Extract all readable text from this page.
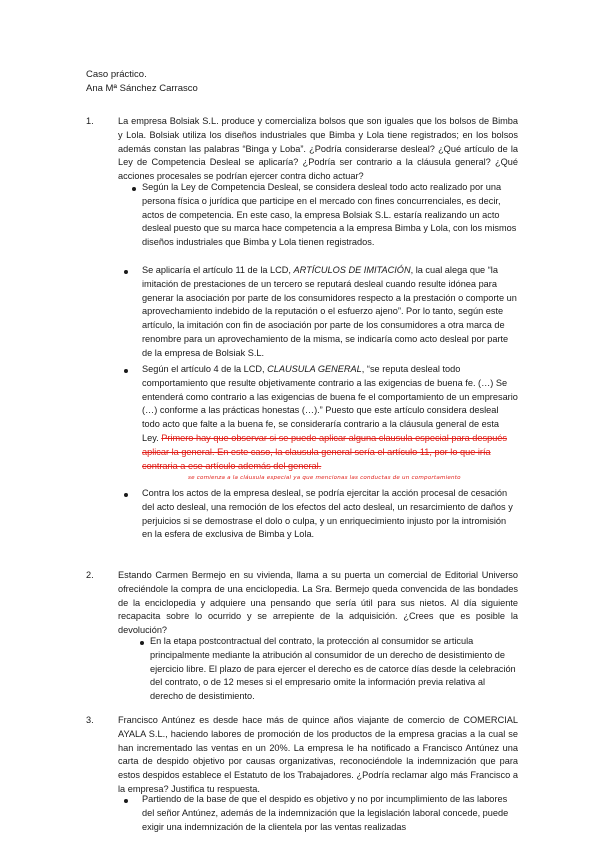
Caso práctico.
Ana Mª Sánchez Carrasco
1.	La empresa Bolsiak S.L. produce y comercializa bolsos que son iguales que los bolsos de Bimba y Lola. Bolsiak utiliza los diseños industriales que Bimba y Lola tiene registrados; en los bolsos además constan las palabras “Binga y Loba”. ¿Podría considerarse desleal? ¿Qué artículo de la Ley de Competencia Desleal se aplicaría? ¿Podría ser contrario a la cláusula general? ¿Qué acciones procesales se podrían ejercer contra dicho actuar?
Según la Ley de Competencia Desleal, se considera desleal todo acto realizado por una persona física o jurídica que participe en el mercado con fines concurrenciales, es decir, actos de competencia. En este caso, la empresa Bolsiak S.L. estaría realizando un acto desleal puesto que su marca hace competencia a la empresa Bimba y Lola, con los mismos diseños industriales que Bimba y Lola tienen registrados.
Se aplicaría el artículo 11 de la LCD, ARTÍCULOS DE IMITACIÓN, la cual alega que “la imitación de prestaciones de un tercero se reputará desleal cuando resulte idónea para generar la asociación por parte de los consumidores respecto a la prestación o comporte un aprovechamiento indebido de la reputación o el esfuerzo ajeno”. Por lo tanto, según este artículo, la imitación con fin de asociación por parte de los consumidores a otra marca de renombre para un aprovechamiento de la misma, se indicaría como acto desleal por parte de la empresa de Bolsiak S.L.
Según el artículo 4 de la LCD, CLAUSULA GENERAL, “se reputa desleal todo comportamiento que resulte objetivamente contrario a las exigencias de buena fe. (…) Se entenderá como contrario a las exigencias de buena fe el comportamiento de un empresario (…) conforme a las prácticas honestas (…).” Puesto que este artículo considera desleal todo acto que falte a la buena fe, se consideraría contrario a la cláusula general de esta Ley. Primero hay que observar si se puede aplicar alguna clausula especial para después aplicar la general. En este caso, la clausula general sería el artículo 11, por lo que iría contraria a ese artículo además del general.
se comienza a la cláusula especial ya que mencionas las conductas de un comportamiento
Contra los actos de la empresa desleal, se podría ejercitar la acción procesal de cesación del acto desleal, una remoción de los efectos del acto desleal, un resarcimiento de daños y perjuicios si se demostrase el dolo o culpa, y un enriquecimiento injusto por la intromisión en la esfera de exclusiva de Bimba y Lola.
2.	Estando Carmen Bermejo en su vivienda, llama a su puerta un comercial de Editorial Universo ofreciéndole la compra de una enciclopedia. La Sra. Bermejo queda convencida de las bondades de la enciclopedia y adquiere una pensando que sería útil para sus nietos. Al día siguiente recapacita sobre lo ocurrido y se arrepiente de la adquisición. ¿Crees que es posible la devolución?
En la etapa postcontractual del contrato, la protección al consumidor se articula principalmente mediante la atribución al consumidor de un derecho de desistimiento de ejercicio libre. El plazo de para ejercer el derecho es de catorce días desde la celebración del contrato, o de 12 meses si el empresario omite la información previa relativa al derecho de desistimiento.
3.	Francisco Antúnez es desde hace más de quince años viajante de comercio de COMERCIAL AYALA S.L., haciendo labores de promoción de los productos de la empresa gracias a la cual se han incrementado las ventas en un 20%. La empresa le ha notificado a Francisco Antúnez una carta de despido objetivo por causas organizativas, reconociéndole la indemnización que para estos despidos establece el Estatuto de los Trabajadores. ¿Podría reclamar algo más Francisco a la empresa? Justifica tu respuesta.
Partiendo de la base de que el despido es objetivo y no por incumplimiento de las labores del señor Antúnez, además de la indemnización que la legislación laboral concede, puede exigir una indemnización de la clientela por las ventas realizadas
